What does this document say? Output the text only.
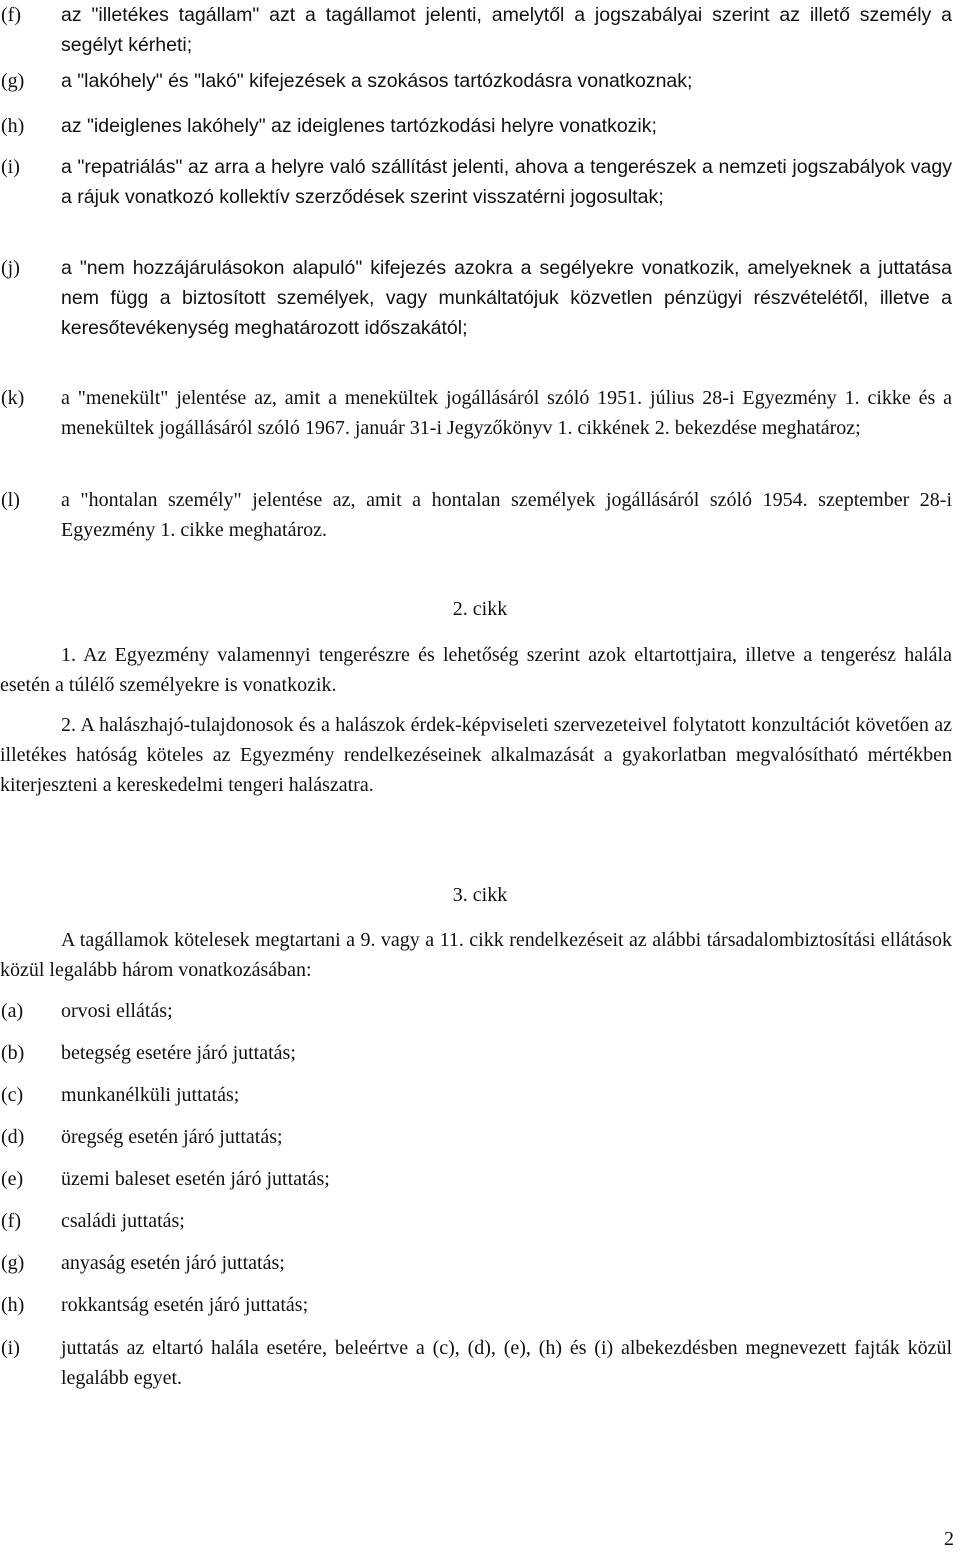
(f) az "illetékes tagállam" azt a tagállamot jelenti, amelytől a jogszabályai szerint az illető személy a segélyt kérheti;
(g) a "lakóhely" és "lakó" kifejezések a szokásos tartózkodásra vonatkoznak;
(h) az "ideiglenes lakóhely" az ideiglenes tartózkodási helyre vonatkozik;
(i) a "repatriálás" az arra a helyre való szállítást jelenti, ahova a tengerészek a nemzeti jogszabályok vagy a rájuk vonatkozó kollektív szerződések szerint visszatérni jogosultak;
(j) a "nem hozzájárulásokon alapuló" kifejezés azokra a segélyekre vonatkozik, amelyeknek a juttatása nem függ a biztosított személyek, vagy munkáltatójuk közvetlen pénzügyi részvételétől, illetve a keresőtevékenység meghatározott időszakától;
(k) a "menekült" jelentése az, amit a menekültek jogállásáról szóló 1951. július 28-i Egyezmény 1. cikke és a menekültek jogállásáról szóló 1967. január 31-i Jegyzőkönyv 1. cikkének 2. bekezdése meghatároz;
(l) a "hontalan személy" jelentése az, amit a hontalan személyek jogállásáról szóló 1954. szeptember 28-i Egyezmény 1. cikke meghatároz.
2. cikk

1. Az Egyezmény valamennyi tengerészre és lehetőség szerint azok eltartottjaira, illetve a tengerész halála esetén a túlélő személyekre is vonatkozik.

2. A halászhajó-tulajdonosok és a halászok érdek-képviseleti szervezeteivel folytatott konzultációt követően az illetékes hatóság köteles az Egyezmény rendelkezéseinek alkalmazását a gyakorlatban megvalósítható mértékben kiterjeszteni a kereskedelmi tengeri halászatra.

3. cikk

A tagállamok kötelesek megtartani a 9. vagy a 11. cikk rendelkezéseit az alábbi társadalombiztosítási ellátások közül legalább három vonatkozásában:

(a) orvosi ellátás;
(b) betegség esetére járó juttatás;
(c) munkanélküli juttatás;
(d) öregség esetén járó juttatás;
(e) üzemi baleset esetén járó juttatás;
(f) családi juttatás;
(g) anyaság esetén járó juttatás;
(h) rokkantság esetén járó juttatás;
(i) juttatás az eltartó halála esetére, beleértve a (c), (d), (e), (h) és (i) albekezdésben megnevezett fajták közül legalább egyet.
2
